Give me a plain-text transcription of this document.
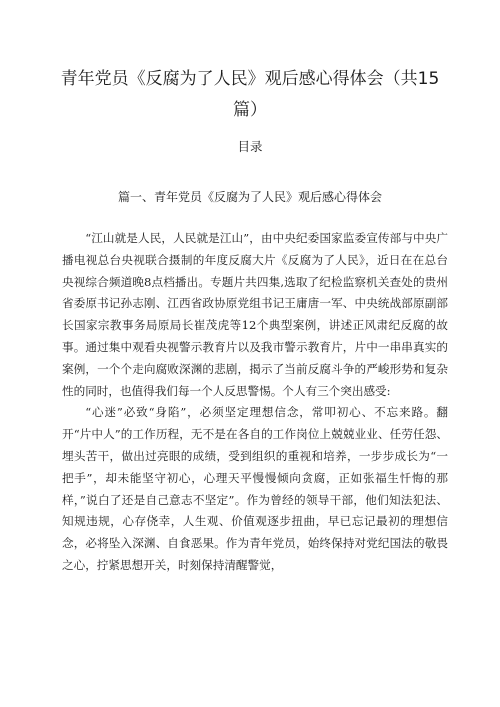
青年党员《反腐为了人民》观后感心得体会（共15篇）
目录
篇一、青年党员《反腐为了人民》观后感心得体会

“江山就是人民，人民就是江山”，由中央纪委国家监委宣传部与中央广播电视总台央视联合摄制的年度反腐大片《反腐为了人民》，近日在在总台央视综合频道晚8点档播出。专题片共四集,选取了纪检监察机关查处的贵州省委原书记孙志刚、江西省政协原党组书记王庸唐一军、中央统战部原副部长国家宗教事务局原局长崔茂虎等12个典型案例，讲述正风肃纪反腐的故事。通过集中观看央视警示教育片以及我市警示教育片，片中一串串真实的案例，一个个走向腐败深渊的悲剧，揭示了当前反腐斗争的严峻形势和复杂性的同时，也值得我们每一个人反思警惕。个人有三个突出感受:

“心迷”必致“身陷”，必须坚定理想信念，常叩初心、不忘来路。翻开“片中人”的工作历程，无不是在各自的工作岗位上兢兢业业、任劳任怨、埋头苦干，做出过亮眼的成绩，受到组织的重视和培养，一步步成长为“一把手”，却未能坚守初心，心理天平慢慢倾向贪腐，正如张福生忏悔的那样，”说白了还是自己意志不坚定”。作为曾经的领导干部，他们知法犯法、知规违规，心存侥幸，人生观、价值观逐步扭曲，早已忘记最初的理想信念，必将坠入深渊、自食恶果。作为青年党员，始终保持对党纪国法的敬畏之心，拧紧思想开关，时刻保持清醒警觉，
